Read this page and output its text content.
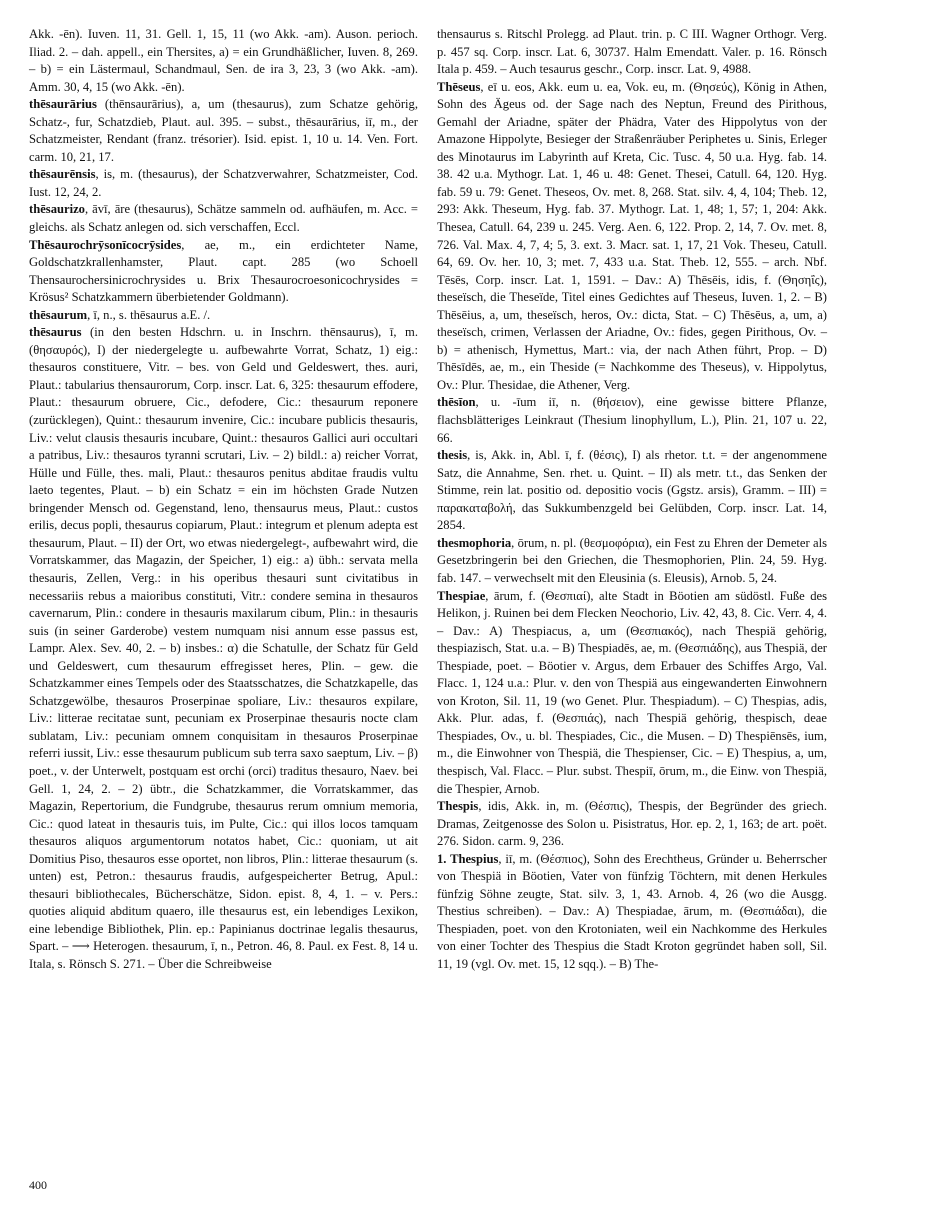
Akk. -ēn). Iuven. 11, 31. Gell. 1, 15, 11 (wo Akk. -am). Auson. perioch. Iliad. 2. – dah. appell., ein Thersites, a) = ein Grundhäßlicher, Iuven. 8, 269. – b) = ein Lästermaul, Schandmaul, Sen. de ira 3, 23, 3 (wo Akk. -am). Amm. 30, 4, 15 (wo Akk. -ēn).

thēsaurārius (thēnsaurārius), a, um (thesaurus), zum Schatze gehörig, Schatz-, fur, Schatzdieb, Plaut. aul. 395. – subst., thēsaurārius, iī, m., der Schatzmeister, Rendant (franz. trésorier). Isid. epist. 1, 10 u. 14. Ven. Fort. carm. 10, 21, 17.

thēsaurēnsis, is, m. (thesaurus), der Schatzverwahrer, Schatzmeister, Cod. Iust. 12, 24, 2.

thēsaurizo, āvī, āre (thesaurus), Schätze sammeln od. aufhäufen, m. Acc. = gleichs. als Schatz anlegen od. sich verschaffen, Eccl.

Thēsaurochrȳsonīcocrȳsides, ae, m., ein erdichteter Name, Goldschatzkrallenhamster, Plaut. capt. 285 (wo Schoell Thensaurochersinicrochrysides u. Brix Thesaurocroesonicochrysides = Krösus² Schatzkammern überbietender Goldmann).

thēsaurum, ī, n., s. thēsaurus a.E. /.

thēsaurus (in den besten Hdschrn. u. in Inschrn. thēnsaurus), ī, m. (θησαυρός), I) der niedergelegte u. aufbewahrte Vorrat, Schatz, 1) eig.: thesauros constituere, Vitr. – bes. von Geld und Geldeswert, thes. auri, Plaut.: tabularius thensaurorum, Corp. inscr. Lat. 6, 325: thesaurum effodere, Plaut.: thesaurum obruere, Cic., defodere, Cic.: thesaurum reponere (zurücklegen), Quint.: thesaurum invenire, Cic.: incubare publicis thesauris, Liv.: velut clausis thesauris incubare, Quint.: thesauros Gallici auri occultari a patribus, Liv.: thesauros tyranni scrutari, Liv. – 2) bildl.: a) reicher Vorrat, Hülle und Fülle, thes. mali, Plaut.: thesauros penitus abditae fraudis vultu laeto tegentes, Plaut. – b) ein Schatz = ein im höchsten Grade Nutzen bringender Mensch od. Gegenstand, leno, thensaurus meus, Plaut.: custos erilis, decus popli, thesaurus copiarum, Plaut.: integrum et plenum adepta est thesaurum, Plaut. – II) der Ort, wo etwas niedergelegt-, aufbewahrt wird, die Vorratskammer, das Magazin, der Speicher, 1) eig.: a) übh.: servata mella thesauris, Zellen, Verg.: in his operibus thesauri sunt civitatibus in necessariis rebus a maioribus constituti, Vitr.: condere semina in thesauros cavernarum, Plin.: condere in thesauris maxilarum cibum, Plin.: in thesauris suis (in seiner Garderobe) vestem numquam nisi annum esse passus est, Lampr. Alex. Sev. 40, 2. – b) insbes.: α) die Schatulle, der Schatz für Geld und Geldeswert, cum thesaurum effregisset heres, Plin. – gew. die Schatzkammer eines Tempels oder des Staatsschatzes, die Schatzkapelle, das Schatzgewölbe, thesauros Proserpinae spoliare, Liv.: thesauros expilare, Liv.: litterae recitatae sunt, pecuniam ex Proserpinae thesauris nocte clam sublatam, Liv.: pecuniam omnem conquisitam in thesauros Proserpinae referri iussit, Liv.: esse thesaurum publicum sub terra saxo saeptum, Liv. – β) poet., v. der Unterwelt, postquam est orchi (orci) traditus thesauro, Naev. bei Gell. 1, 24, 2. – 2) übtr., die Schatzkammer, die Vorratskammer, das Magazin, Repertorium, die Fundgrube, thesaurus rerum omnium memoria, Cic.: quod lateat in thesauris tuis, im Pulte, Cic.: qui illos locos tamquam thesauros aliquos argumentorum notatos habet, Cic.: quoniam, ut ait Domitius Piso, thesauros esse oportet, non libros, Plin.: litterae thesaurum (s. unten) est, Petron.: thesaurus fraudis, aufgespeicherter Betrug, Apul.: thesauri bibliothecales, Bücherschätze, Sidon. epist. 8, 4, 1. – v. Pers.: quoties aliquid abditum quaero, ille thesaurus est, ein lebendiges Lexikon, eine lebendige Bibliothek, Plin. ep.: Papinianus doctrinae legalis thesaurus, Spart. – ⟶ Heterogen. thesaurum, ī, n., Petron. 46, 8. Paul. ex Fest. 8, 14 u. Itala, s. Rönsch S. 271. – Über die Schreibweise

thensaurus s. Ritschl Prolegg. ad Plaut. trin. p. C III. Wagner Orthogr. Verg. p. 457 sq. Corp. inscr. Lat. 6, 30737. Halm Emendatt. Valer. p. 16. Rönsch Itala p. 459. – Auch tesaurus geschr., Corp. inscr. Lat. 9, 4988.

Thēseus, eī u. eos, Akk. eum u. ea, Vok. eu, m. (Θησεύς), König in Athen, Sohn des Ägeus od. der Sage nach des Neptun, Freund des Pirithous, Gemahl der Ariadne, später der Phädra, Vater des Hippolytus von der Amazone Hippolyte, Besieger der Straßenräuber Periphetes u. Sinis, Erleger des Minotaurus im Labyrinth auf Kreta, Cic. Tusc. 4, 50 u.a. Hyg. fab. 14. 38. 42 u.a. Mythogr. Lat. 1, 46 u. 48: Genet. Thesei, Catull. 64, 120. Hyg. fab. 59 u. 79: Genet. Theseos, Ov. met. 8, 268. Stat. silv. 4, 4, 104; Theb. 12, 293: Akk. Theseum, Hyg. fab. 37. Mythogr. Lat. 1, 48; 1, 57; 1, 204: Akk. Thesea, Catull. 64, 239 u. 245. Verg. Aen. 6, 122. Prop. 2, 14, 7. Ov. met. 8, 726. Val. Max. 4, 7, 4; 5, 3. ext. 3. Macr. sat. 1, 17, 21 Vok. Theseu, Catull. 64, 69. Ov. her. 10, 3; met. 7, 433 u.a. Stat. Theb. 12, 555. – arch. Nbf. Tēsēs, Corp. inscr. Lat. 1, 1591. – Dav.: A) Thēsēis, idis, f. (Θησηΐς), theseïsch, die Theseïde, Titel eines Gedichtes auf Theseus, Iuven. 1, 2. – B) Thēsēius, a, um, theseïsch, heros, Ov.: dicta, Stat. – C) Thēsēus, a, um, a) theseïsch, crimen, Verlassen der Ariadne, Ov.: fides, gegen Pirithous, Ov. – b) = athenisch, Hymettus, Mart.: via, der nach Athen führt, Prop. – D) Thēsīdēs, ae, m., ein Theside (= Nachkomme des Theseus), v. Hippolytus, Ov.: Plur. Thesidae, die Athener, Verg.

thēsīon, u. -īum iī, n. (θήσειον), eine gewisse bittere Pflanze, flachsblätteriges Leinkraut (Thesium linophyllum, L.), Plin. 21, 107 u. 22, 66.

thesis, is, Akk. in, Abl. ī, f. (θέσις), I) als rhetor. t.t. = der angenommene Satz, die Annahme, Sen. rhet. u. Quint. – II) als metr. t.t., das Senken der Stimme, rein lat. positio od. depositio vocis (Ggstz. arsis), Gramm. – III) = παρακαταβολή, das Sukkumbenzgeld bei Gelübden, Corp. inscr. Lat. 14, 2854.

thesmophoria, ōrum, n. pl. (θεσμοφόρια), ein Fest zu Ehren der Demeter als Gesetzbringerin bei den Griechen, die Thesmophorien, Plin. 24, 59. Hyg. fab. 147. – verwechselt mit den Eleusinia (s. Eleusis), Arnob. 5, 24.

Thespiae, ārum, f. (Θεσπιαί), alte Stadt in Böotien am südöstl. Fuße des Helikon, j. Ruinen bei dem Flecken Neochorio, Liv. 42, 43, 8. Cic. Verr. 4, 4. – Dav.: A) Thespiacus, a, um (Θεσπιακός), nach Thespiä gehörig, thespiazisch, Stat. u.a. – B) Thespiadēs, ae, m. (Θεσπιάδης), aus Thespiä, der Thespiade, poet. – Böotier v. Argus, dem Erbauer des Schiffes Argo, Val. Flacc. 1, 124 u.a.: Plur. v. den von Thespiä aus eingewanderten Einwohnern von Kroton, Sil. 11, 19 (wo Genet. Plur. Thespiadum). – C) Thespias, adis, Akk. Plur. adas, f. (Θεσπιάς), nach Thespiä gehörig, thespisch, deae Thespiades, Ov., u. bl. Thespiades, Cic., die Musen. – D) Thespiēnsēs, ium, m., die Einwohner von Thespiä, die Thespienser, Cic. – E) Thespius, a, um, thespisch, Val. Flacc. – Plur. subst. Thespiī, ōrum, m., die Einw. von Thespiä, die Thespier, Arnob.

Thespis, idis, Akk. in, m. (Θέσπις), Thespis, der Begründer des griech. Dramas, Zeitgenosse des Solon u. Pisistratus, Hor. ep. 2, 1, 163; de art. poët. 276. Sidon. carm. 9, 236.

1. Thespius, iī, m. (Θέσπιος), Sohn des Erechtheus, Gründer u. Beherrscher von Thespiä in Böotien, Vater von fünfzig Töchtern, mit denen Herkules fünfzig Söhne zeugte, Stat. silv. 3, 1, 43. Arnob. 4, 26 (wo die Ausgg. Thestius schreiben). – Dav.: A) Thespiadae, ārum, m. (Θεσπιάδαι), die Thespiaden, poet. von den Krotoniaten, weil ein Nachkomme des Herkules von einer Tochter des Thespius die Stadt Kroton gegründet haben soll, Sil. 11, 19 (vgl. Ov. met. 15, 12 sqq.). – B) The-

400
